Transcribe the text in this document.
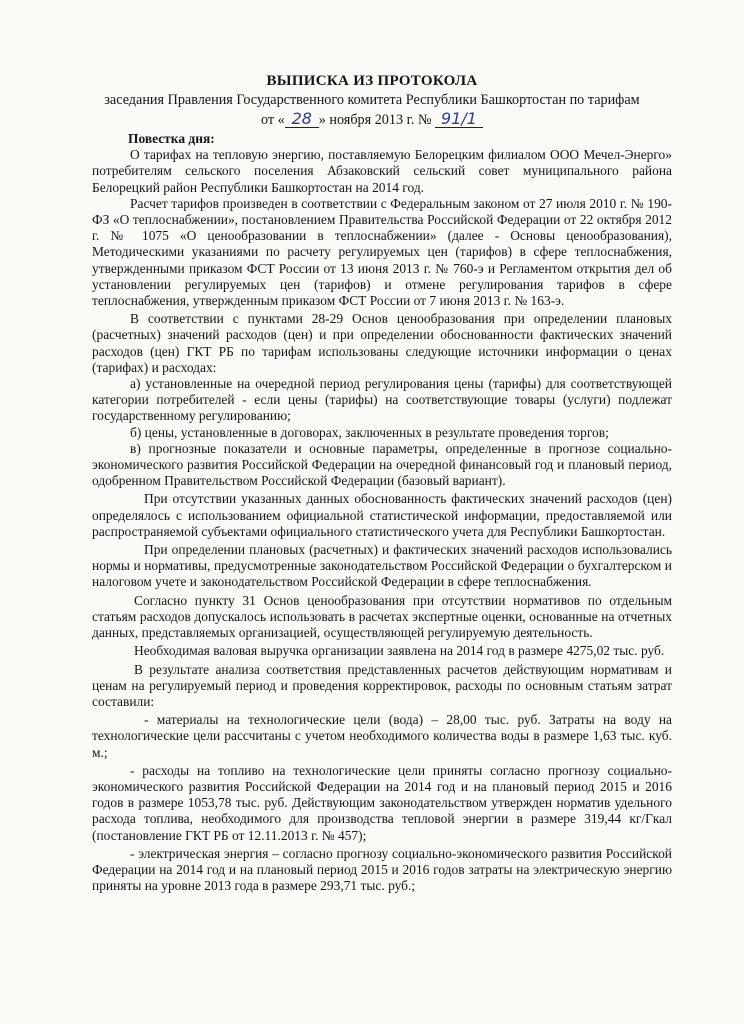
ВЫПИСКА ИЗ ПРОТОКОЛА

заседания Правления Государственного комитета Республики Башкортостан по тарифам

от « 28 » ноября 2013 г. № 91/1

Повестка дня:

О тарифах на тепловую энергию, поставляемую Белорецким филиалом ООО Мечел-Энерго» потребителям сельского поселения Абзаковский сельский совет муниципального района Белорецкий район Республики Башкортостан на 2014 год.

Расчет тарифов произведен в соответствии с Федеральным законом от 27 июля 2010 г. № 190-ФЗ «О теплоснабжении», постановлением Правительства Российской Федерации от 22 октября 2012 г. № 1075 «О ценообразовании в теплоснабжении» (далее - Основы ценообразования), Методическими указаниями по расчету регулируемых цен (тарифов) в сфере теплоснабжения, утвержденными приказом ФСТ России от 13 июня 2013 г. № 760-э и Регламентом открытия дел об установлении регулируемых цен (тарифов) и отмене регулирования тарифов в сфере теплоснабжения, утвержденным приказом ФСТ России от 7 июня 2013 г. № 163-э.

В соответствии с пунктами 28-29 Основ ценообразования при определении плановых (расчетных) значений расходов (цен) и при определении обоснованности фактических значений расходов (цен) ГКТ РБ по тарифам использованы следующие источники информации о ценах (тарифах) и расходах:

а) установленные на очередной период регулирования цены (тарифы) для соответствующей категории потребителей - если цены (тарифы) на соответствующие товары (услуги) подлежат государственному регулированию;

б) цены, установленные в договорах, заключенных в результате проведения торгов;

в) прогнозные показатели и основные параметры, определенные в прогнозе социально-экономического развития Российской Федерации на очередной финансовый год и плановый период, одобренном Правительством Российской Федерации (базовый вариант).

При отсутствии указанных данных обоснованность фактических значений расходов (цен) определялось с использованием официальной статистической информации, предоставляемой или распространяемой субъектами официального статистического учета для Республики Башкортостан.

При определении плановых (расчетных) и фактических значений расходов использовались нормы и нормативы, предусмотренные законодательством Российской Федерации о бухгалтерском и налоговом учете и законодательством Российской Федерации в сфере теплоснабжения.

Согласно пункту 31 Основ ценообразования при отсутствии нормативов по отдельным статьям расходов допускалось использовать в расчетах экспертные оценки, основанные на отчетных данных, представляемых организацией, осуществляющей регулируемую деятельность.

Необходимая валовая выручка организации заявлена на 2014 год в размере 4275,02 тыс. руб.

В результате анализа соответствия представленных расчетов действующим нормативам и ценам на регулируемый период и проведения корректировок, расходы по основным статьям затрат составили:

- материалы на технологические цели (вода) – 28,00 тыс. руб. Затраты на воду на технологические цели рассчитаны с учетом необходимого количества воды в размере 1,63 тыс. куб. м.;

- расходы на топливо на технологические цели приняты согласно прогнозу социально-экономического развития Российской Федерации на 2014 год и на плановый период 2015 и 2016 годов в размере 1053,78 тыс. руб. Действующим законодательством утвержден норматив удельного расхода топлива, необходимого для производства тепловой энергии в размере 319,44 кг/Гкал (постановление ГКТ РБ от 12.11.2013 г. № 457);

- электрическая энергия – согласно прогнозу социально-экономического развития Российской Федерации на 2014 год и на плановый период 2015 и 2016 годов затраты на электрическую энергию приняты на уровне 2013 года в размере 293,71 тыс. руб.;
